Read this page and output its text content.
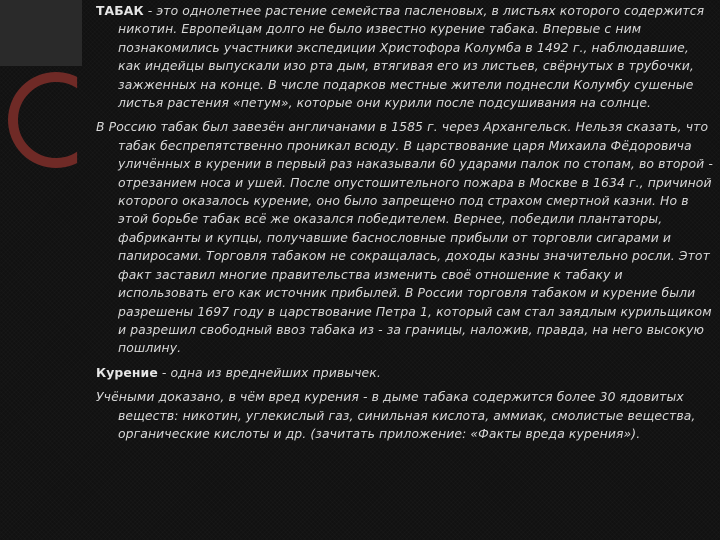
ТАБАК - это однолетнее растение семейства пасленовых, в листьях которого содержится никотин. Европейцам долго не было известно курение табака. Впервые с ним познакомились участники экспедиции Христофора Колумба в 1492 г., наблюдавшие, как индейцы выпускали изо рта дым, втягивая его из листьев, свёрнутых в трубочки, зажженных на конце. В числе подарков местные жители поднесли Колумбу сушеные листья растения «петум», которые они курили после подсушивания на солнце.

В Россию табак был завезён англичанами в 1585 г. через Архангельск. Нельзя сказать, что табак беспрепятственно проникал всюду. В царствование царя Михаила Фёдоровича уличённых в курении в первый раз наказывали 60 ударами палок по стопам, во второй - отрезанием носа и ушей. После опустошительного пожара в Москве в 1634 г., причиной которого оказалось курение, оно было запрещено под страхом смертной казни. Но в этой борьбе табак всё же оказался победителем. Вернее, победили плантаторы, фабриканты и купцы, получавшие баснословные прибыли от торговли сигарами и папиросами. Торговля табаком не сокращалась, доходы казны значительно росли. Этот факт заставил многие правительства изменить своё отношение к табаку и использовать его как источник прибылей. В России торговля табаком и курение были разрешены 1697 году в царствование Петра 1, который сам стал заядлым курильщиком и разрешил свободный ввоз табака из - за границы, наложив, правда, на него высокую пошлину.

Курение - одна из вреднейших привычек.

Учёными доказано, в чём вред курения - в дыме табака содержится более 30 ядовитых веществ: никотин, углекислый газ, синильная кислота, аммиак, смолистые вещества, органические кислоты и др. (зачитать приложение: «Факты вреда курения»).
